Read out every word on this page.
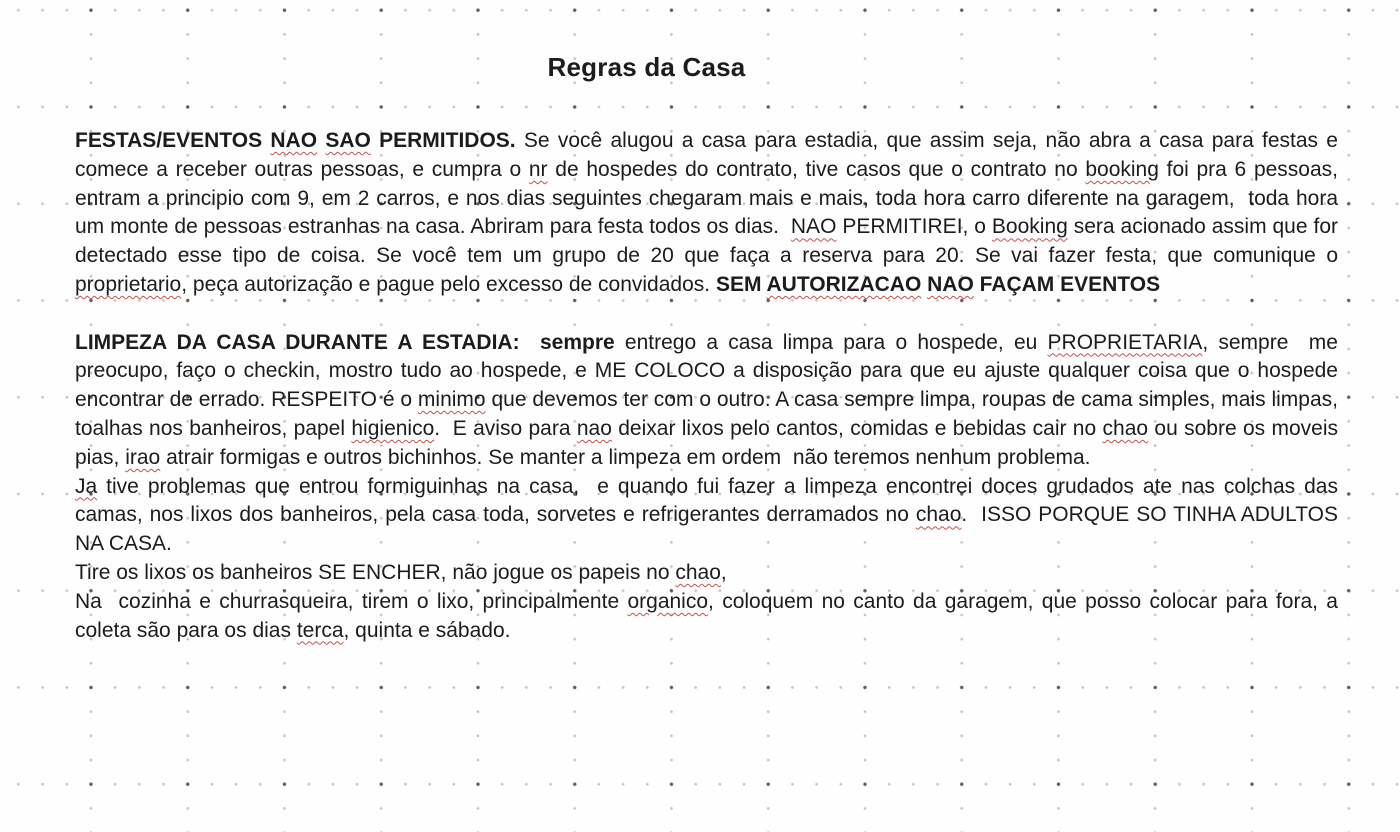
Regras da Casa

FESTAS/EVENTOS NAO SAO PERMITIDOS. Se você alugou a casa para estadia, que assim seja, não abra a casa para festas e comece a receber outras pessoas, e cumpra o nr de hospedes do contrato, tive casos que o contrato no booking foi pra 6 pessoas, entram a principio com 9, em 2 carros, e nos dias seguintes chegaram mais e mais, toda hora carro diferente na garagem,  toda hora um monte de pessoas estranhas na casa. Abriram para festa todos os dias.  NAO PERMITIREI, o Booking sera acionado assim que for detectado esse tipo de coisa. Se você tem um grupo de 20 que faça a reserva para 20. Se vai fazer festa, que comunique o proprietario, peça autorização e pague pelo excesso de convidados. SEM AUTORIZACAO NAO FAÇAM EVENTOS

LIMPEZA DA CASA DURANTE A ESTADIA:  sempre entrego a casa limpa para o hospede, eu PROPRIETARIA, sempre  me preocupo, faço o checkin, mostro tudo ao hospede, e ME COLOCO a disposição para que eu ajuste qualquer coisa que o hospede encontrar de errado. RESPEITO é o minimo que devemos ter com o outro. A casa sempre limpa, roupas de cama simples, mais limpas, toalhas nos banheiros, papel higienico.  E aviso para nao deixar lixos pelo cantos, comidas e bebidas cair no chao ou sobre os moveis pias, irao atrair formigas e outros bichinhos. Se manter a limpeza em ordem  não teremos nenhum problema.

Ja tive problemas que entrou formiguinhas na casa,  e quando fui fazer a limpeza encontrei doces grudados ate nas colchas das camas, nos lixos dos banheiros, pela casa toda, sorvetes e refrigerantes derramados no chao.  ISSO PORQUE SO TINHA ADULTOS NA CASA.

Tire os lixos os banheiros SE ENCHER, não jogue os papeis no chao,

Na  cozinha e churrasqueira, tirem o lixo, principalmente organico, coloquem no canto da garagem, que posso colocar para fora, a coleta são para os dias terca, quinta e sábado.
